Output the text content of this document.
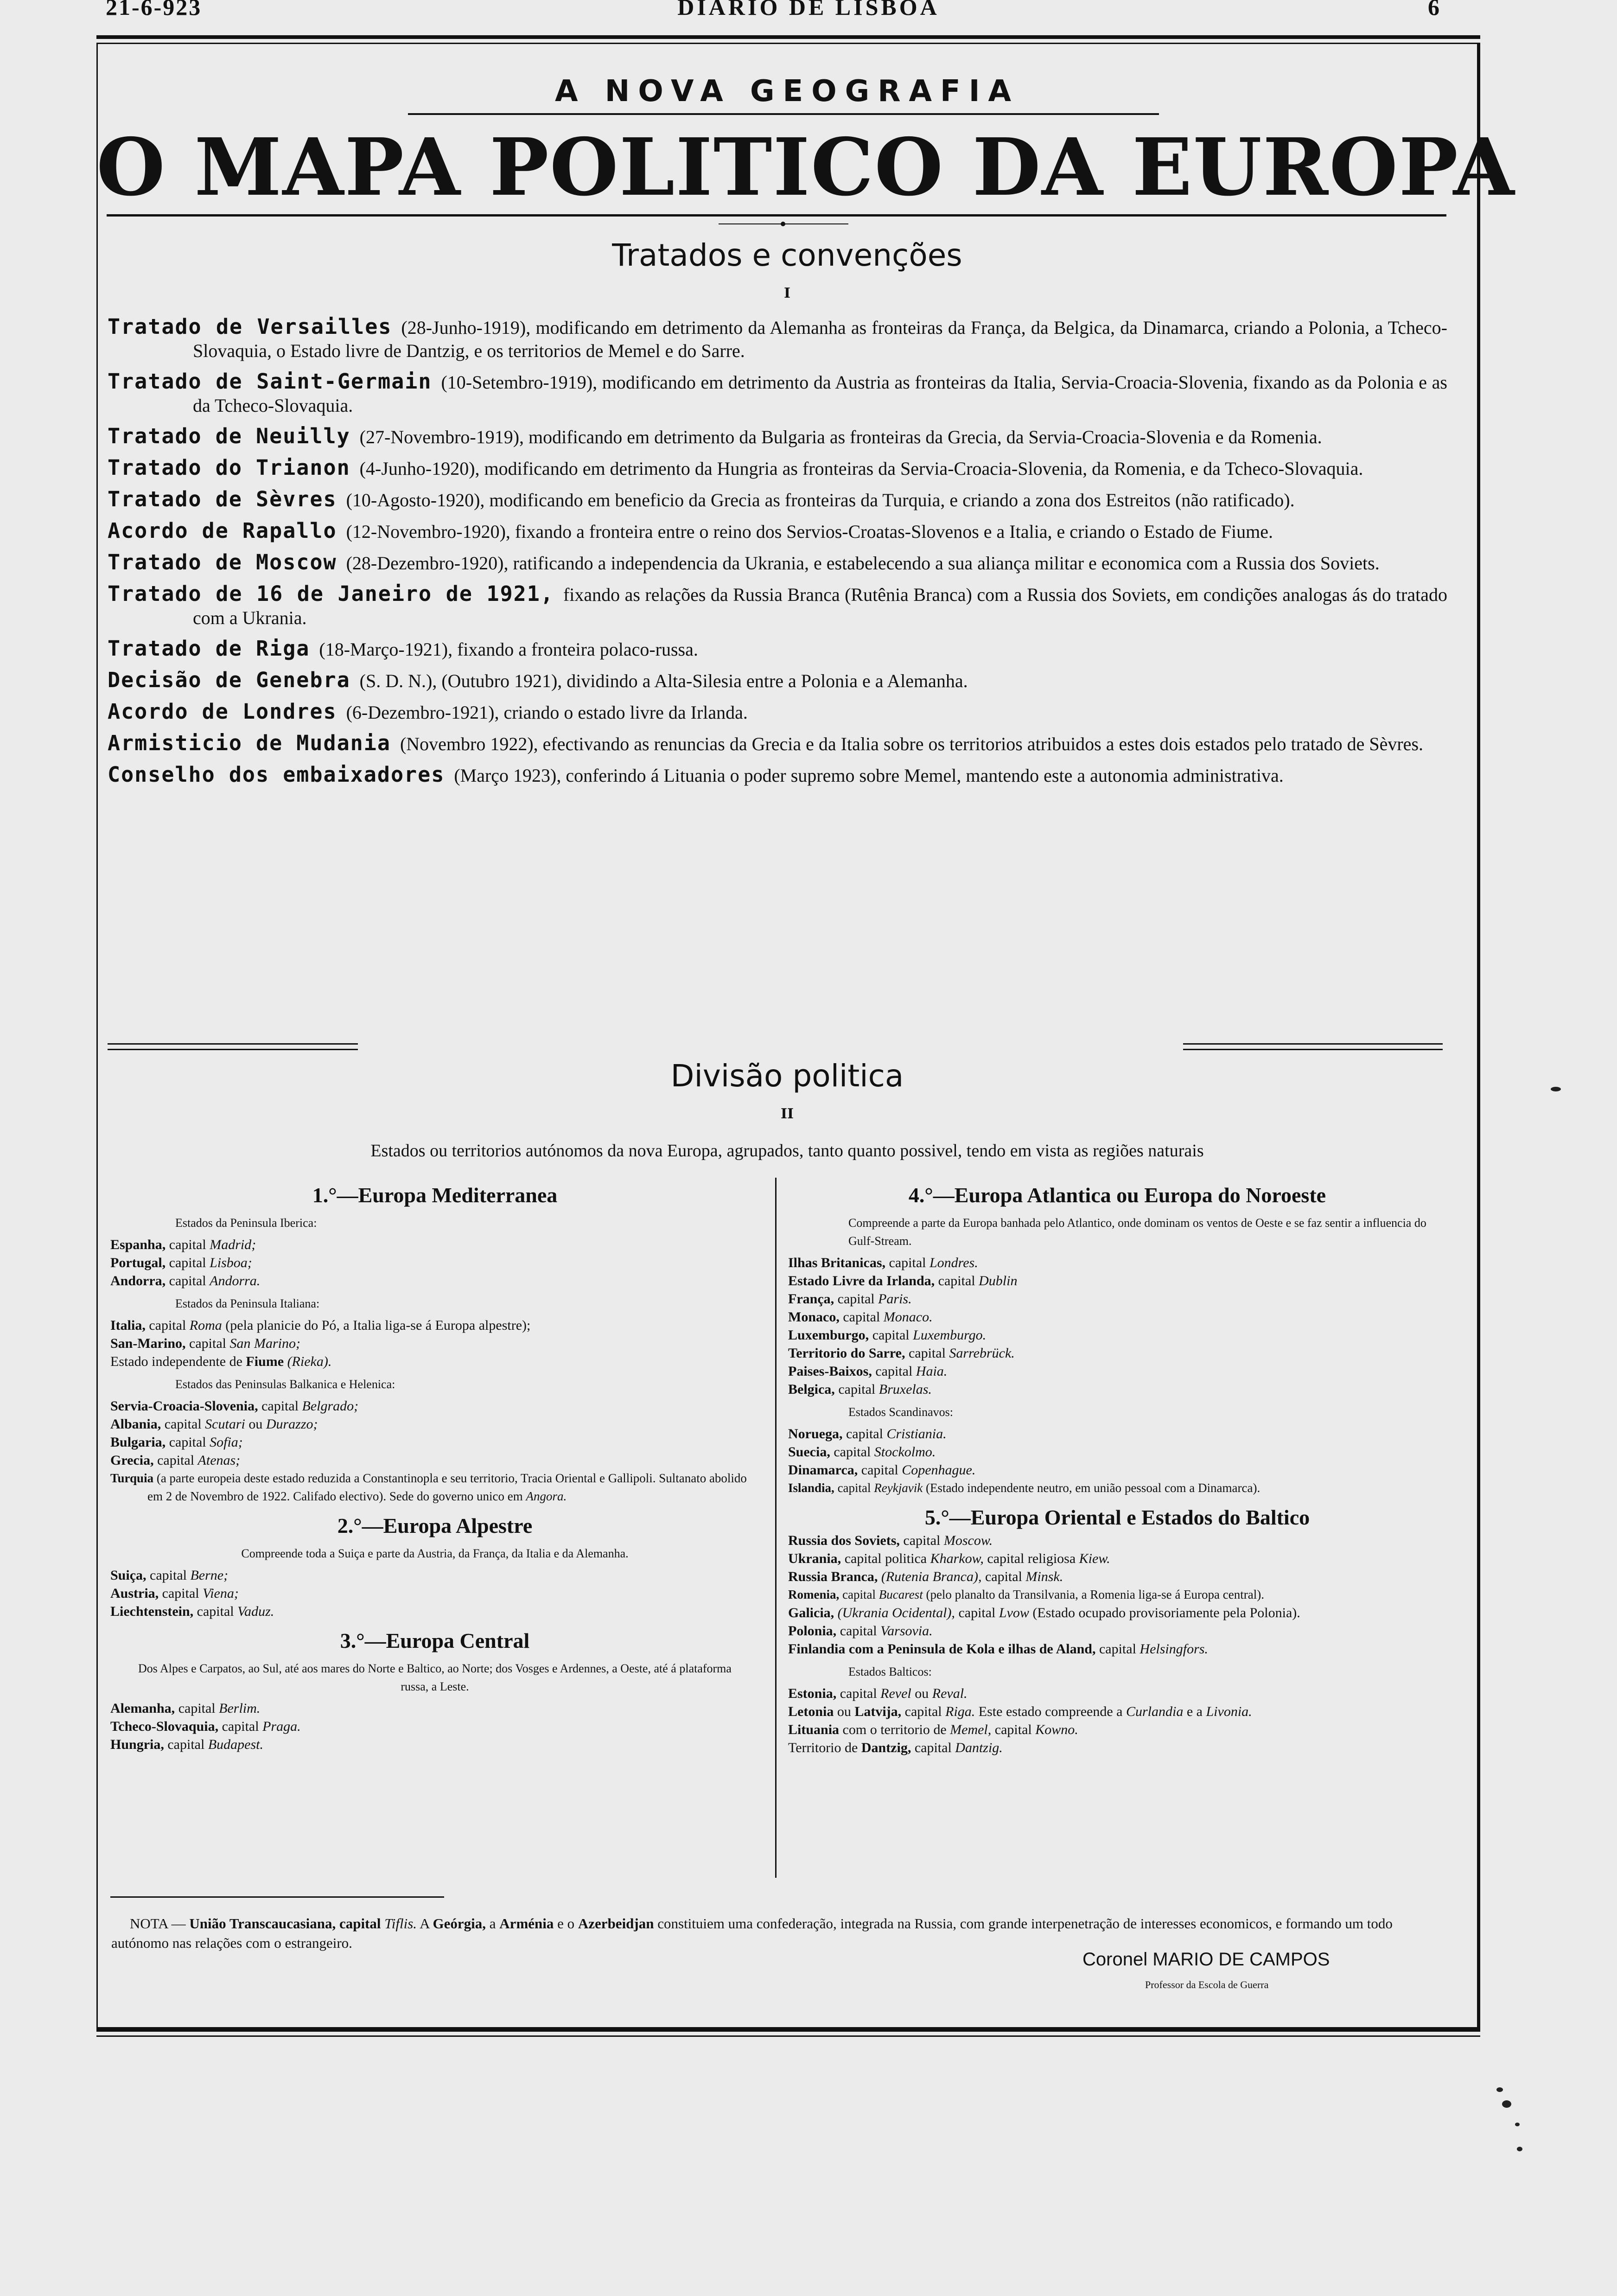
21-6-923	DIARIO DE LISBOA	6
A NOVA GEOGRAFIA
O MAPA POLITICO DA EUROPA
Tratados e convenções
I

Tratado de Versailles (28-Junho-1919), modificando em detrimento da Alemanha as fronteiras da França, da Belgica, da Dinamarca, criando a Polonia, a Tcheco-Slovaquia, o Estado livre de Dantzig, e os territorios de Memel e do Sarre.

Tratado de Saint-Germain (10-Setembro-1919), modificando em detrimento da Austria as fronteiras da Italia, Servia-Croacia-Slovenia, fixando as da Polonia e as da Tcheco-Slovaquia.

Tratado de Neuilly (27-Novembro-1919), modificando em detrimento da Bulgaria as fronteiras da Grecia, da Servia-Croacia-Slovenia e da Romenia.

Tratado do Trianon (4-Junho-1920), modificando em detrimento da Hungria as fronteiras da Servia-Croacia-Slovenia, da Romenia, e da Tcheco-Slovaquia.

Tratado de Sèvres (10-Agosto-1920), modificando em beneficio da Grecia as fronteiras da Turquia, e criando a zona dos Estreitos (não ratificado).

Acordo de Rapallo (12-Novembro-1920), fixando a fronteira entre o reino dos Servios-Croatas-Slovenos e a Italia, e criando o Estado de Fiume.

Tratado de Moscow (28-Dezembro-1920), ratificando a independencia da Ukrania, e estabelecendo a sua aliança militar e economica com a Russia dos Soviets.

Tratado de 16 de Janeiro de 1921, fixando as relações da Russia Branca (Rutênia Branca) com a Russia dos Soviets, em condições analogas ás do tratado com a Ukrania.

Tratado de Riga (18-Março-1921), fixando a fronteira polaco-russa.

Decisão de Genebra (S. D. N.), (Outubro 1921), dividindo a Alta-Silesia entre a Polonia e a Alemanha.

Acordo de Londres (6-Dezembro-1921), criando o estado livre da Irlanda.

Armisticio de Mudania (Novembro 1922), efectivando as renuncias da Grecia e da Italia sobre os territorios atribuidos a estes dois estados pelo tratado de Sèvres.

Conselho dos embaixadores (Março 1923), conferindo á Lituania o poder supremo sobre Memel, mantendo este a autonomia administrativa.

Divisão politica
II
Estados ou territorios autónomos da nova Europa, agrupados, tanto quanto possivel, tendo em vista as regiões naturais

1.°—Europa Mediterranea

Estados da Peninsula Iberica:

Espanha, capital Madrid;

Portugal, capital Lisboa;

Andorra, capital Andorra.

Estados da Peninsula Italiana:

Italia, capital Roma (pela planicie do Pó, a Italia liga-se á Europa alpestre);

San-Marino, capital San Marino;

Estado independente de Fiume (Rieka).

Estados das Peninsulas Balkanica e Helenica:

Servia-Croacia-Slovenia, capital Belgrado;

Albania, capital Scutari ou Durazzo;

Bulgaria, capital Sofia;

Grecia, capital Atenas;

Turquia (a parte europeia deste estado reduzida a Constantinopla e seu territorio, Tracia Oriental e Gallipoli. Sultanato abolido em 2 de Novembro de 1922. Califado electivo). Sede do governo unico em Angora.

2.°—Europa Alpestre

Compreende toda a Suiça e parte da Austria, da França, da Italia e da Alemanha.

Suiça, capital Berne;

Austria, capital Viena;

Liechtenstein, capital Vaduz.

3.°—Europa Central

Dos Alpes e Carpatos, ao Sul, até aos mares do Norte e Baltico, ao Norte; dos Vosges e Ardennes, a Oeste, até á plataforma russa, a Leste.

Alemanha, capital Berlim.

Tcheco-Slovaquia, capital Praga.

Hungria, capital Budapest.

4.°—Europa Atlantica ou Europa do Noroeste

Compreende a parte da Europa banhada pelo Atlantico, onde dominam os ventos de Oeste e se faz sentir a influencia do Gulf-Stream.

Ilhas Britanicas, capital Londres.

Estado Livre da Irlanda, capital Dublin

França, capital Paris.

Monaco, capital Monaco.

Luxemburgo, capital Luxemburgo.

Territorio do Sarre, capital Sarrebrück.

Paises-Baixos, capital Haia.

Belgica, capital Bruxelas.

Estados Scandinavos:

Noruega, capital Cristiania.

Suecia, capital Stockolmo.

Dinamarca, capital Copenhague.

Islandia, capital Reykjavik (Estado independente neutro, em união pessoal com a Dinamarca).

5.°—Europa Oriental e Estados do Baltico

Russia dos Soviets, capital Moscow.

Ukrania, capital politica Kharkow, capital religiosa Kiew.

Russia Branca, (Rutenia Branca), capital Minsk.

Romenia, capital Bucarest (pelo planalto da Transilvania, a Romenia liga-se á Europa central).

Galicia, (Ukrania Ocidental), capital Lvow (Estado ocupado provisoriamente pela Polonia).

Polonia, capital Varsovia.

Finlandia com a Peninsula de Kola e ilhas de Aland, capital Helsingfors.

Estados Balticos:

Estonia, capital Revel ou Reval.

Letonia ou Latvija, capital Riga. Este estado compreende a Curlandia e a Livonia.

Lituania com o territorio de Memel, capital Kowno.

Territorio de Dantzig, capital Dantzig.

NOTA — União Transcaucasiana, capital Tiflis. A Geórgia, a Arménia e o Azerbeidjan constituiem uma confederação, integrada na Russia, com grande interpenetração de interesses economicos, e formando um todo autónomo nas relações com o estrangeiro.
Coronel MARIO DE CAMPOS
Professor da Escola de Guerra
